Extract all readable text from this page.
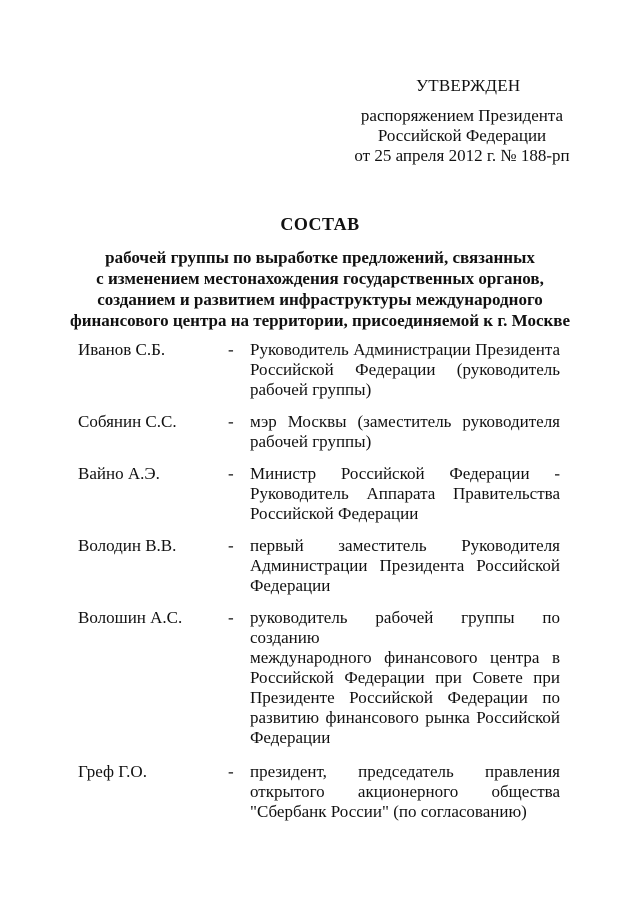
УТВЕРЖДЕН
распоряжением Президента
Российской Федерации
от 25 апреля 2012 г. № 188-рп
СОСТАВ
рабочей группы по выработке предложений, связанных
с изменением местонахождения государственных органов,
созданием и развитием инфраструктуры международного
финансового центра на территории, присоединяемой к г. Москве
Иванов С.Б.	- Руководитель Администрации Президента
Российской Федерации (руководитель
рабочей группы)
Собянин С.С.	- мэр Москвы (заместитель руководителя
рабочей группы)
Вайно А.Э.	- Министр Российской Федерации -
Руководитель Аппарата Правительства
Российской Федерации
Володин В.В.	- первый заместитель Руководителя
Администрации Президента Российской
Федерации
Волошин А.С.	- руководитель рабочей группы по созданию
международного финансового центра в
Российской Федерации при Совете при
Президенте Российской Федерации по
развитию финансового рынка Российской
Федерации
Греф Г.О.	- президент, председатель правления
открытого акционерного общества
"Сбербанк России" (по согласованию)
